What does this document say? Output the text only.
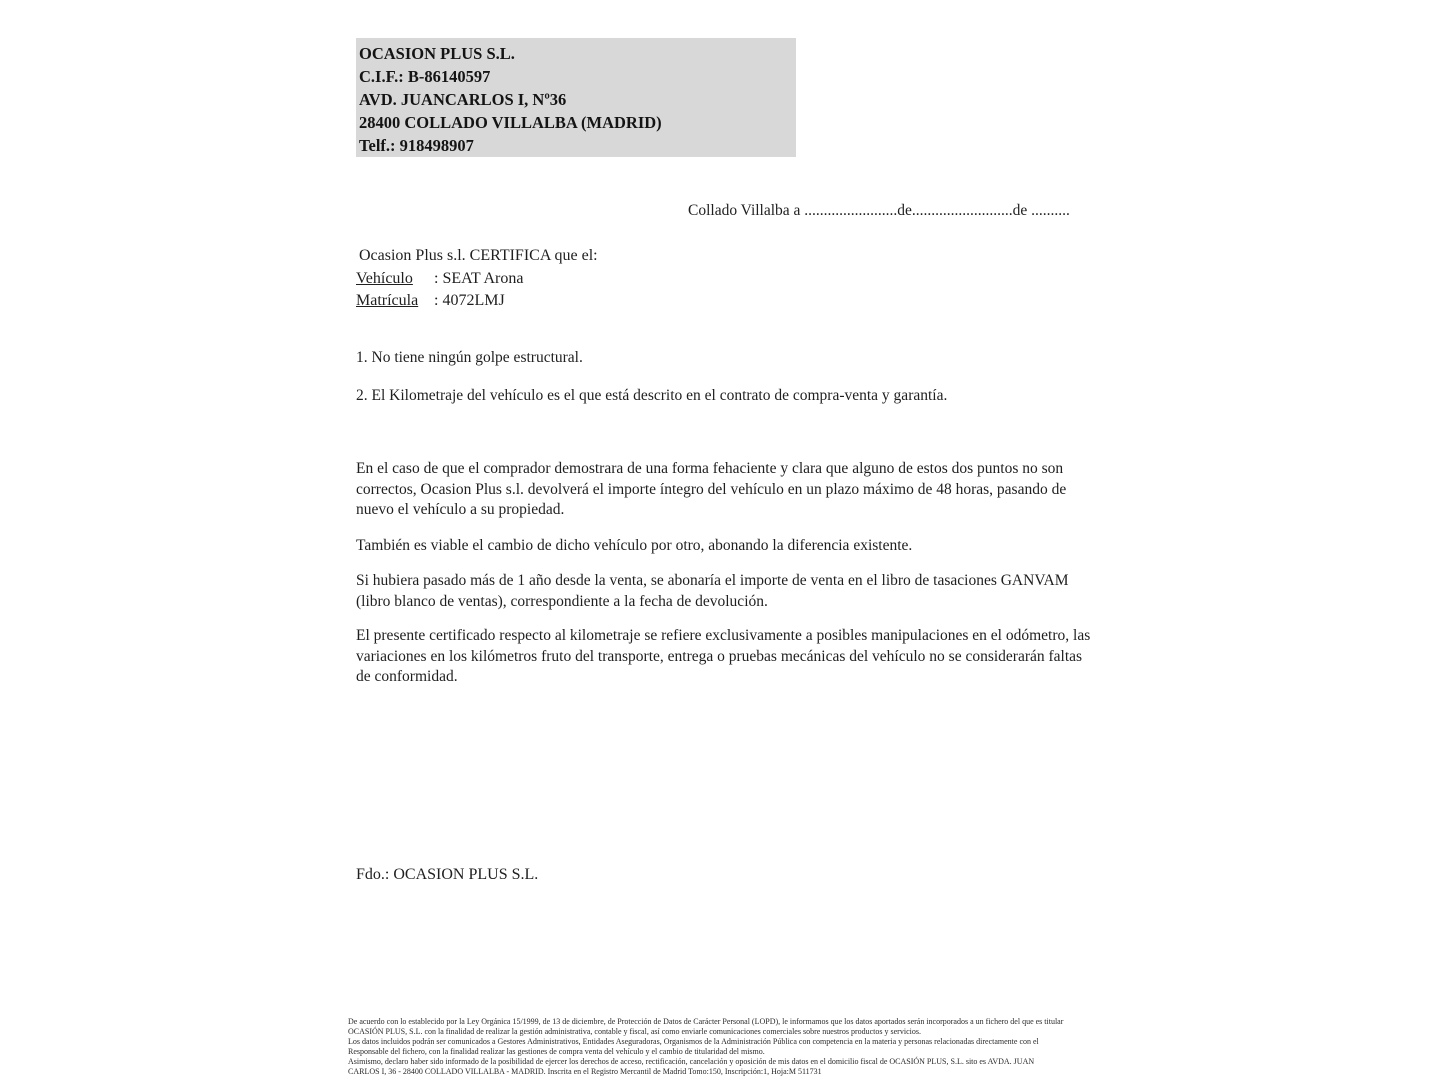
OCASION PLUS S.L.
C.I.F.: B-86140597
AVD. JUANCARLOS I, Nº36
28400 COLLADO VILLALBA (MADRID)
Telf.: 918498907
Collado Villalba a ........................de..........................de ..........
Ocasion Plus s.l. CERTIFICA que el:
Vehículo	: SEAT Arona
Matrícula : 4072LMJ
1. No tiene ningún golpe estructural.
2. El Kilometraje del vehículo es el que está descrito en el contrato de compra-venta y garantía.

En el caso de que el comprador demostrara de una forma fehaciente y clara que alguno de estos dos puntos no son correctos, Ocasion Plus s.l. devolverá el importe íntegro del vehículo en un plazo máximo de 48 horas, pasando de nuevo el vehículo a su propiedad.

También es viable el cambio de dicho vehículo por otro, abonando la diferencia existente.

Si hubiera pasado más de 1 año desde la venta, se abonaría el importe de venta en el libro de tasaciones GANVAM (libro blanco de ventas), correspondiente a la fecha de devolución.

El presente certificado respecto al kilometraje se refiere exclusivamente a posibles manipulaciones en el odómetro, las variaciones en los kilómetros fruto del transporte, entrega o pruebas mecánicas del vehículo no se considerarán faltas de conformidad.

Fdo.: OCASION PLUS S.L.
De acuerdo con lo establecido por la Ley Orgánica 15/1999, de 13 de diciembre, de Protección de Datos de Carácter Personal (LOPD), le informamos que los datos aportados serán incorporados a un fichero del que es titular
OCASIÓN PLUS, S.L. con la finalidad de realizar la gestión administrativa, contable y fiscal, así como enviarle comunicaciones comerciales sobre nuestros productos y servicios.
Los datos incluidos podrán ser comunicados a Gestores Administrativos, Entidades Aseguradoras, Organismos de la Administración Pública con competencia en la materia y personas relacionadas directamente con el
Responsable del fichero, con la finalidad realizar las gestiones de compra venta del vehículo y el cambio de titularidad del mismo.
Asimismo, declaro haber sido informado de la posibilidad de ejercer los derechos de acceso, rectificación, cancelación y oposición de mis datos en el domicilio fiscal de OCASIÓN PLUS, S.L. sito es AVDA. JUAN
CARLOS I, 36 - 28400 COLLADO VILLALBA - MADRID. Inscrita en el Registro Mercantil de Madrid Tomo:150, Inscripción:1, Hoja:M 511731
